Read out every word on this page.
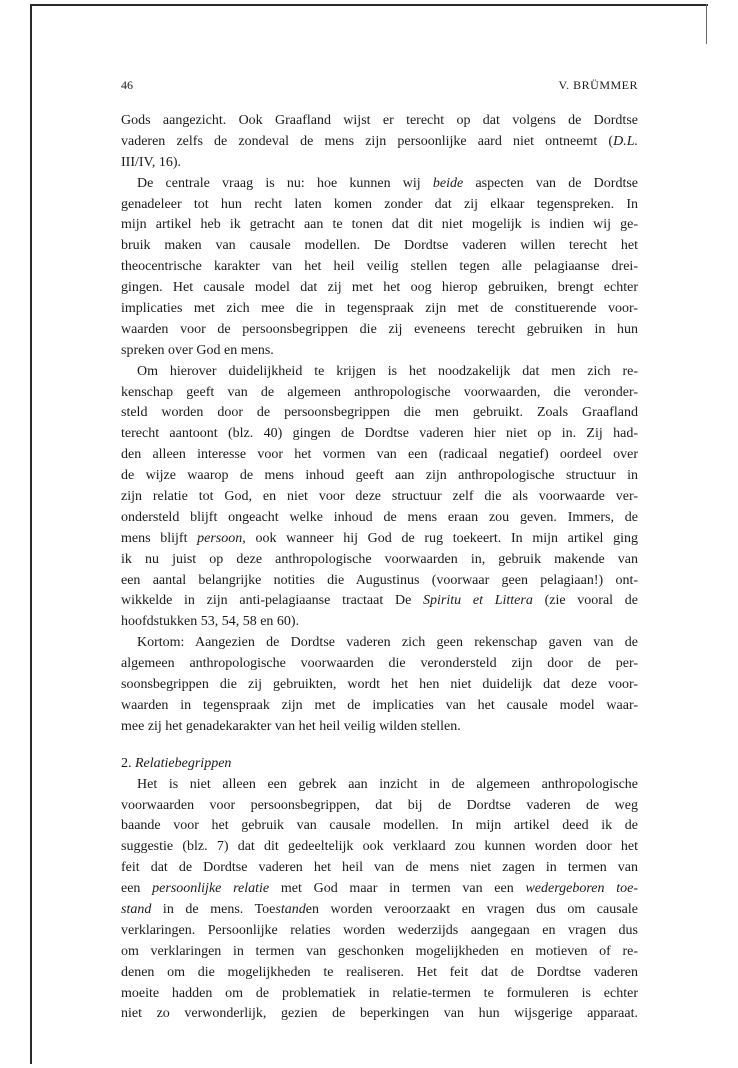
46	V. BRÜMMER
Gods aangezicht. Ook Graafland wijst er terecht op dat volgens de Dordtse
vaderen zelfs de zondeval de mens zijn persoonlijke aard niet ontneemt (D.L.
III/IV, 16).
De centrale vraag is nu: hoe kunnen wij beide aspecten van de Dordtse
genadeleer tot hun recht laten komen zonder dat zij elkaar tegenspreken. In
mijn artikel heb ik getracht aan te tonen dat dit niet mogelijk is indien wij ge-
bruik maken van causale modellen. De Dordtse vaderen willen terecht het
theocentrische karakter van het heil veilig stellen tegen alle pelagiaanse drei-
gingen. Het causale model dat zij met het oog hierop gebruiken, brengt echter
implicaties met zich mee die in tegenspraak zijn met de constituerende voor-
waarden voor de persoonsbegrippen die zij eveneens terecht gebruiken in hun
spreken over God en mens.
Om hierover duidelijkheid te krijgen is het noodzakelijk dat men zich re-
kenschap geeft van de algemeen anthropologische voorwaarden, die veronder-
steld worden door de persoonsbegrippen die men gebruikt. Zoals Graafland
terecht aantoont (blz. 40) gingen de Dordtse vaderen hier niet op in. Zij had-
den alleen interesse voor het vormen van een (radicaal negatief) oordeel over
de wijze waarop de mens inhoud geeft aan zijn anthropologische structuur in
zijn relatie tot God, en niet voor deze structuur zelf die als voorwaarde ver-
ondersteld blijft ongeacht welke inhoud de mens eraan zou geven. Immers, de
mens blijft persoon, ook wanneer hij God de rug toekeert. In mijn artikel ging
ik nu juist op deze anthropologische voorwaarden in, gebruik makende van
een aantal belangrijke notities die Augustinus (voorwaar geen pelagiaan!) ont-
wikkelde in zijn anti-pelagiaanse tractaat De Spiritu et Littera (zie vooral de
hoofdstukken 53, 54, 58 en 60).
Kortom: Aangezien de Dordtse vaderen zich geen rekenschap gaven van de
algemeen anthropologische voorwaarden die verondersteld zijn door de per-
soonsbegrippen die zij gebruikten, wordt het hen niet duidelijk dat deze voor-
waarden in tegenspraak zijn met de implicaties van het causale model waar-
mee zij het genadekarakter van het heil veilig wilden stellen.
2. Relatiebegrippen
Het is niet alleen een gebrek aan inzicht in de algemeen anthropologische
voorwaarden voor persoonsbegrippen, dat bij de Dordtse vaderen de weg
baande voor het gebruik van causale modellen. In mijn artikel deed ik de
suggestie (blz. 7) dat dit gedeeltelijk ook verklaard zou kunnen worden door het
feit dat de Dordtse vaderen het heil van de mens niet zagen in termen van
een persoonlijke relatie met God maar in termen van een wedergeboren toe-
stand in de mens. Toestanden worden veroorzaakt en vragen dus om causale
verklaringen. Persoonlijke relaties worden wederzijds aangegaan en vragen dus
om verklaringen in termen van geschonken mogelijkheden en motieven of re-
denen om die mogelijkheden te realiseren. Het feit dat de Dordtse vaderen
moeite hadden om de problematiek in relatie-termen te formuleren is echter
niet zo verwonderlijk, gezien de beperkingen van hun wijsgerige apparaat.
